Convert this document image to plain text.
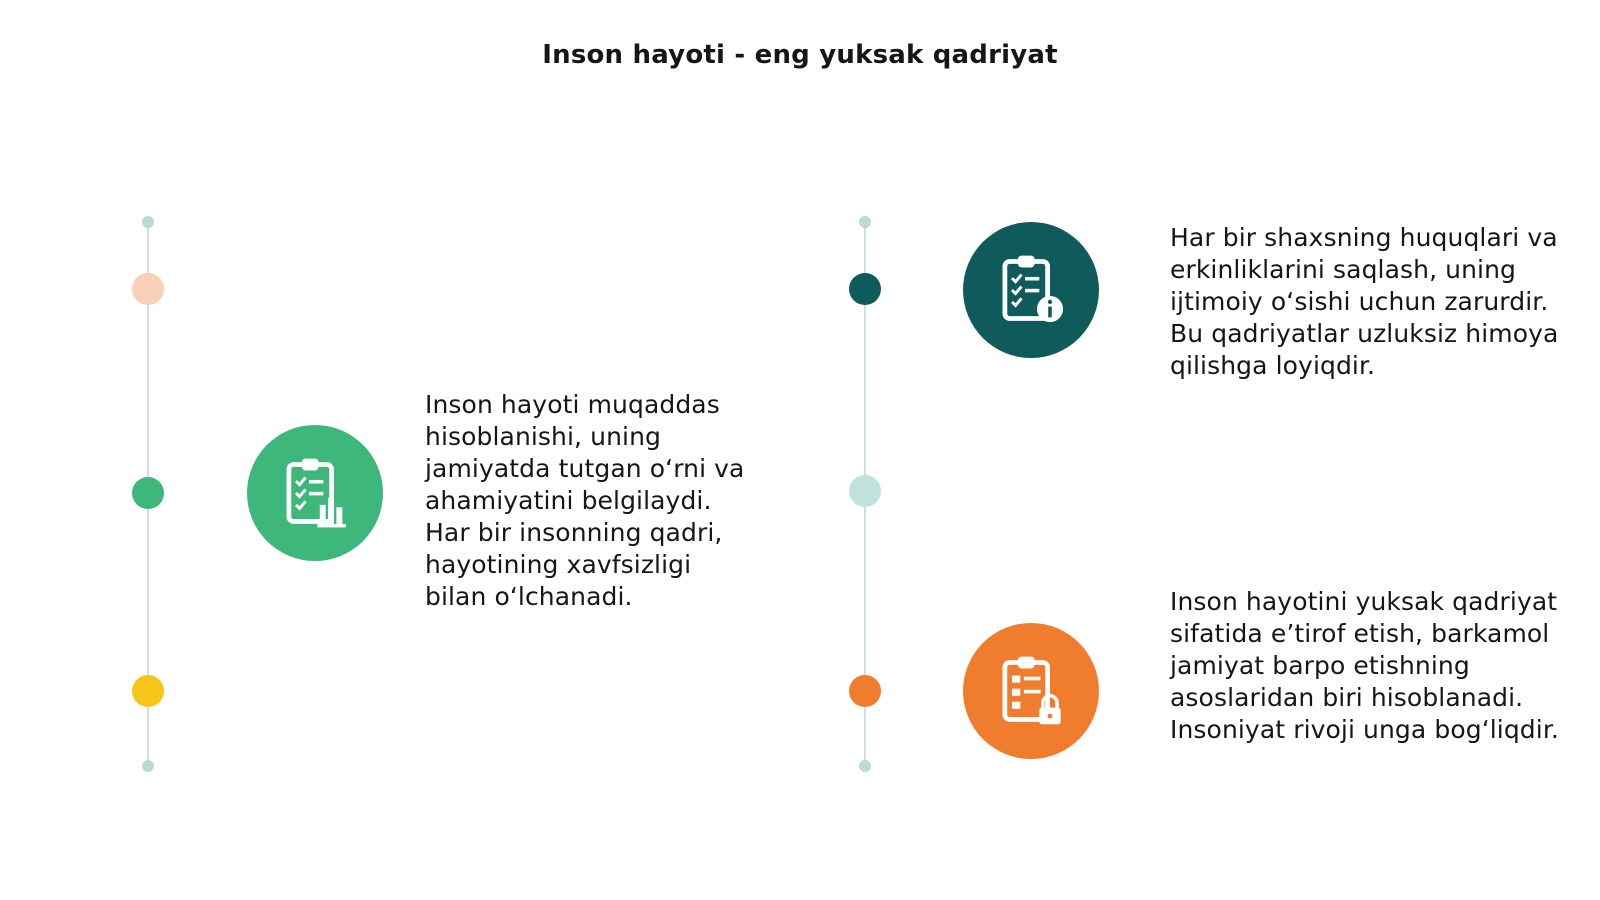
Inson hayoti - eng yuksak qadriyat
Inson hayoti muqaddas hisoblanishi, uning jamiyatda tutgan o‘rni va ahamiyatini belgilaydi. Har bir insonning qadri, hayotining xavfsizligi bilan o‘lchanadi.
Har bir shaxsning huquqlari va erkinliklarini saqlash, uning ijtimoiy o‘sishi uchun zarurdir. Bu qadriyatlar uzluksiz himoya qilishga loyiqdir.
Inson hayotini yuksak qadriyat sifatida e’tirof etish, barkamol jamiyat barpo etishning asoslaridan biri hisoblanadi. Insoniyat rivoji unga bog‘liqdir.
